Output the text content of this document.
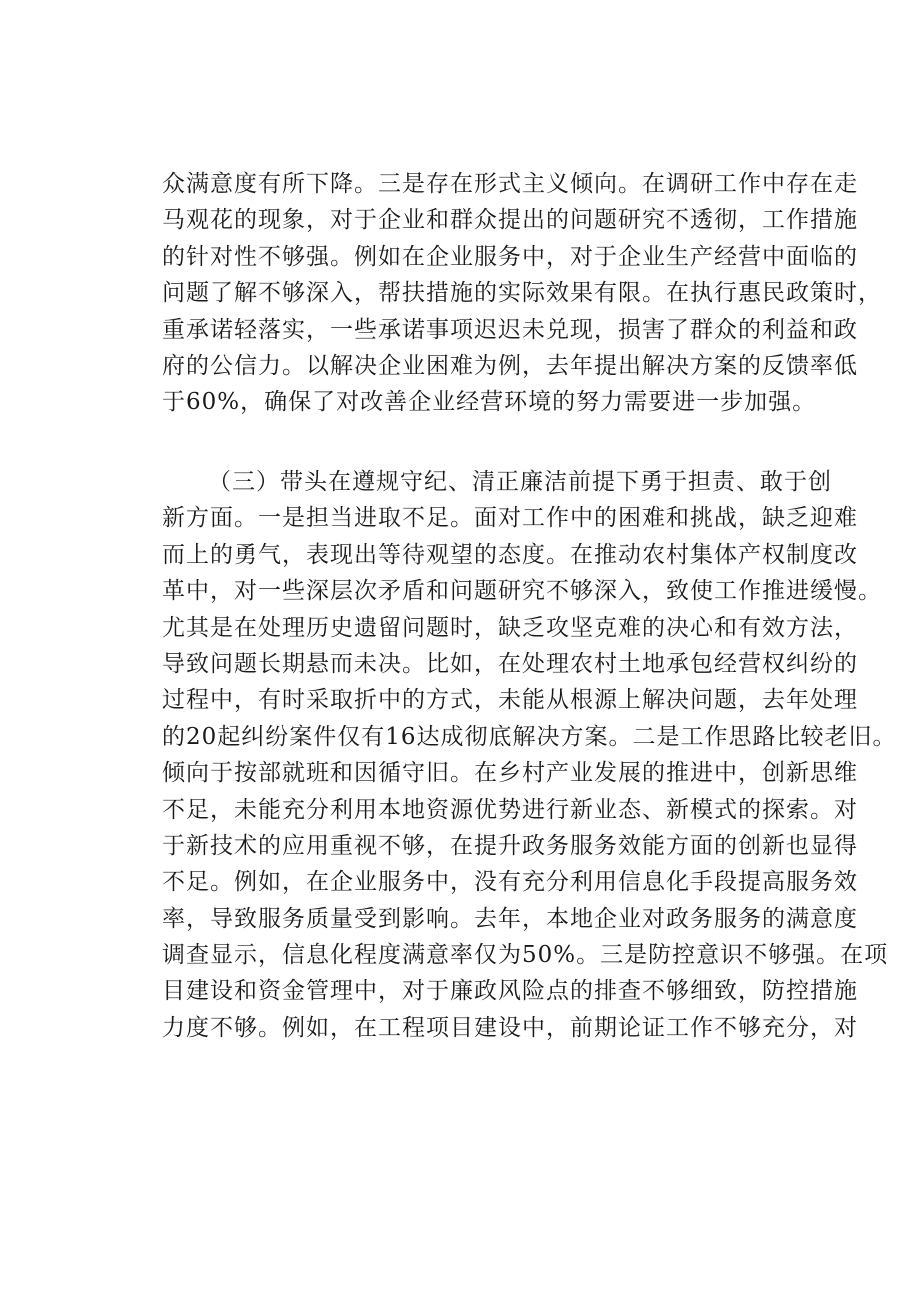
众满意度有所下降。三是存在形式主义倾向。在调研工作中存在走
马观花的现象，对于企业和群众提出的问题研究不透彻，工作措施
的针对性不够强。例如在企业服务中，对于企业生产经营中面临的
问题了解不够深入，帮扶措施的实际效果有限。在执行惠民政策时，
重承诺轻落实，一些承诺事项迟迟未兑现，损害了群众的利益和政
府的公信力。以解决企业困难为例，去年提出解决方案的反馈率低
于60%，确保了对改善企业经营环境的努力需要进一步加强。
（三）带头在遵规守纪、清正廉洁前提下勇于担责、敢于创
新方面。一是担当进取不足。面对工作中的困难和挑战，缺乏迎难
而上的勇气，表现出等待观望的态度。在推动农村集体产权制度改
革中，对一些深层次矛盾和问题研究不够深入，致使工作推进缓慢。
尤其是在处理历史遗留问题时，缺乏攻坚克难的决心和有效方法，
导致问题长期悬而未决。比如，在处理农村土地承包经营权纠纷的
过程中，有时采取折中的方式，未能从根源上解决问题，去年处理
的20起纠纷案件仅有16达成彻底解决方案。二是工作思路比较老旧。
倾向于按部就班和因循守旧。在乡村产业发展的推进中，创新思维
不足，未能充分利用本地资源优势进行新业态、新模式的探索。对
于新技术的应用重视不够，在提升政务服务效能方面的创新也显得
不足。例如，在企业服务中，没有充分利用信息化手段提高服务效
率，导致服务质量受到影响。去年，本地企业对政务服务的满意度
调查显示，信息化程度满意率仅为50%。三是防控意识不够强。在项
目建设和资金管理中，对于廉政风险点的排查不够细致，防控措施
力度不够。例如，在工程项目建设中，前期论证工作不够充分，对
